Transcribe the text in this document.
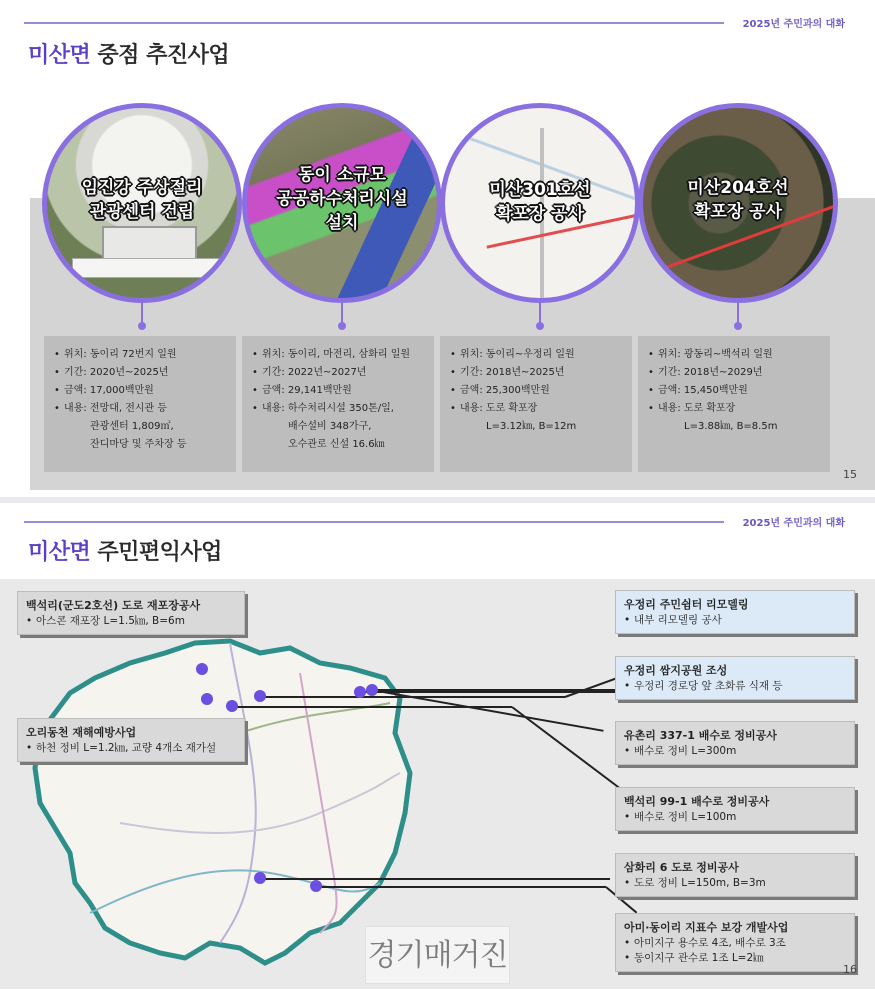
2025년 주민과의 대화
미산면 중점 추진사업
임진강 주상절리
관광센터 건립
동이 소규모
공공하수처리시설
설치
미산301호선
확포장 공사
미산204호선
확포장 공사
• 위치: 동이리 72번지 일원
• 기간: 2020년~2025년
• 금액: 17,000백만원
• 내용: 전망대, 전시관 등
관광센터 1,809㎡,
잔디마당 및 주차장 등
• 위치: 동이리, 마전리, 삼화리 일원
• 기간: 2022년~2027년
• 금액: 29,141백만원
• 내용: 하수처리시설 350톤/일,
배수설비 348가구,
오수관로 신설 16.6㎞
• 위치: 동이리~우정리 일원
• 기간: 2018년~2025년
• 금액: 25,300백만원
• 내용: 도로 확포장
L=3.12㎞, B=12m
• 위치: 광동리~백석리 일원
• 기간: 2018년~2029년
• 금액: 15,450백만원
• 내용: 도로 확포장
L=3.88㎞, B=8.5m
15
2025년 주민과의 대화
미산면 주민편익사업
백석리(군도2호선) 도로 재포장공사
• 아스콘 재포장 L=1.5㎞, B=6m
오리동천 재해예방사업
• 하천 정비 L=1.2㎞, 교량 4개소 재가설
우정리 주민쉼터 리모델링
• 내부 리모델링 공사
우정리 쌈지공원 조성
• 우정리 경로당 앞 초화류 식재 등
유촌리 337-1 배수로 정비공사
• 배수로 정비 L=300m
백석리 99-1 배수로 정비공사
• 배수로 정비 L=100m
삼화리 6 도로 정비공사
• 도로 정비 L=150m, B=3m
아미·동이리 지표수 보강 개발사업
• 아미지구 용수로 4조, 배수로 3조
• 동이지구 관수로 1조 L=2㎞
경기매거진	16
